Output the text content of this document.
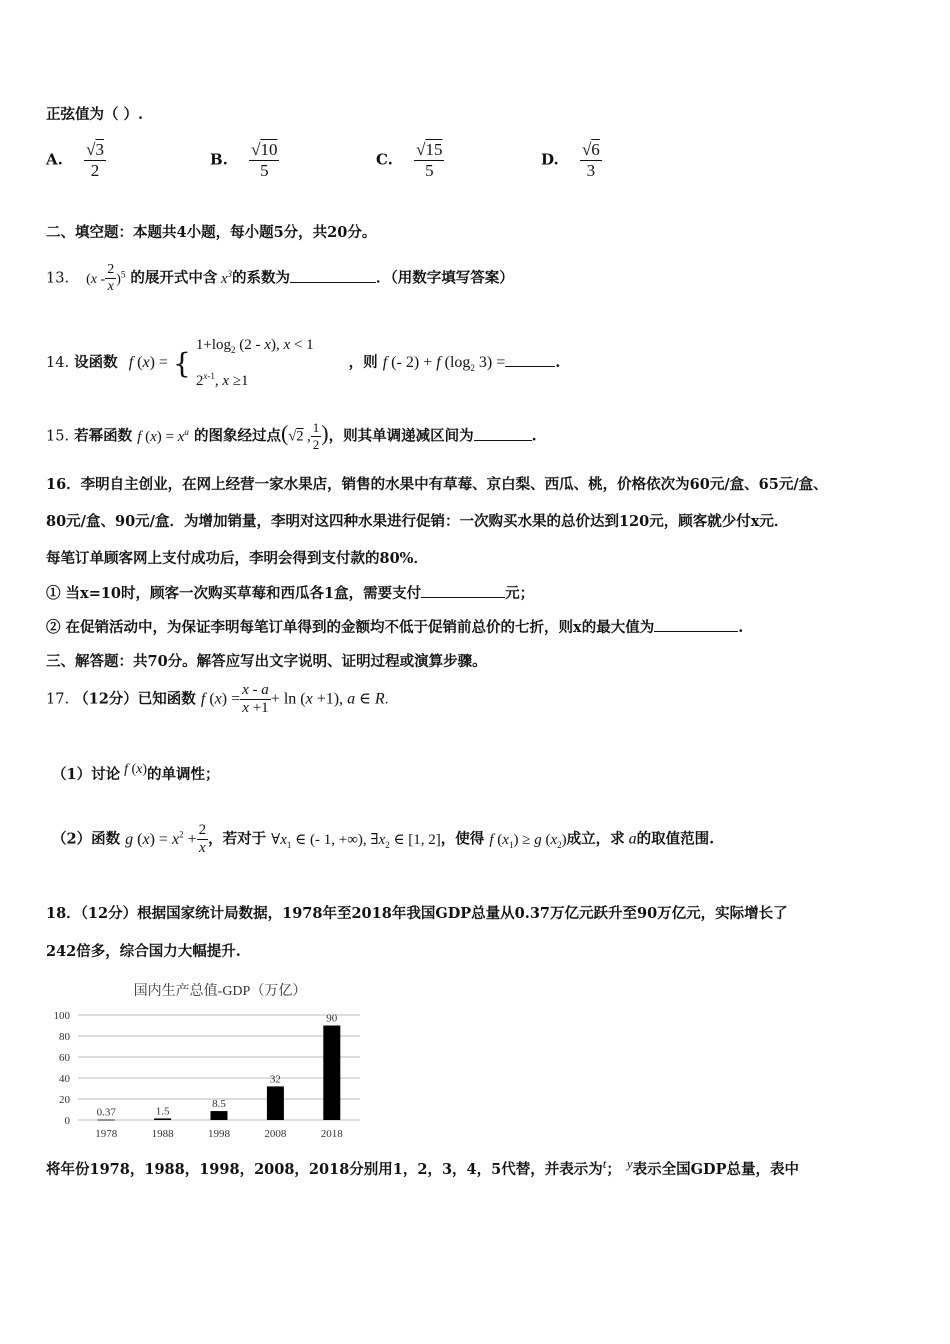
正弦值为（ ）.
A. $\frac{√3}{2}$	B. $\frac{√10}{5}$	C. $\frac{√15}{5}$	D. $\frac{√6}{3}$
二、填空题：本题共4小题，每小题5分，共20分。
13. $(x - \frac{2}{x} )^5$ 的展开式中含 $x^3$的系数为	．（用数字填写答案）
14. 设函数 f (x) = { $1+\log_2$ (2 - x), x < 1
2$^{x-1}$, x ≥1 ，则 f (- 2) + f ($\log_2$ 3) =	.
15. 若幂函数 f $(x) = x^a$ 的图象经过点(√2 , $\frac{1}{2}$ )，则其单调递减区间为	.
16．李明自主创业，在网上经营一家水果店，销售的水果中有草莓、京白梨、西瓜、桃，价格依次为60元/盒、65元/盒、
80元/盒、90元/盒．为增加销量，李明对这四种水果进行促销：一次购买水果的总价达到120元，顾客就少付x元．
每笔订单顾客网上支付成功后，李明会得到支付款的80%．
① 当x=10时，顾客一次购买草莓和西瓜各1盒，需要支付	元；
② 在促销活动中，为保证李明每笔订单得到的金额均不低于促销前总价的七折，则x的最大值为	.
三、解答题：共70分。解答应写出文字说明、证明过程或演算步骤。
17. （12分）已知函数 f $(x) = \frac{x - a}{x +1} + \ln (x +1)$, a ∈ R.
（1）讨论 f (x)的单调性；
（2）函数 g $(x) = x^2 + \frac{2}{x}$ ，若对于 $\forall x_1$ ∈ (- 1, +∞), $\exists x_2$ ∈ [1, 2]，使得 f $(x_1) \ge g$ $(x_2)$成立，求 a的取值范围.
18．（12分）根据国家统计局数据，1978年至2018年我国GDP总量从0.37万亿元跃升至90万亿元，实际增长了
242倍多，综合国力大幅提升.
国内生产总值-GDP（万亿）
0
20
40
60
80
100
0.37	1.5
8.5
32
90
1978	1988	1998	2008	2018
将年份1978，1988，1998，2008，2018分别用1，2，3，4，5代替，并表示为t； y表示全国GDP总量，表中
